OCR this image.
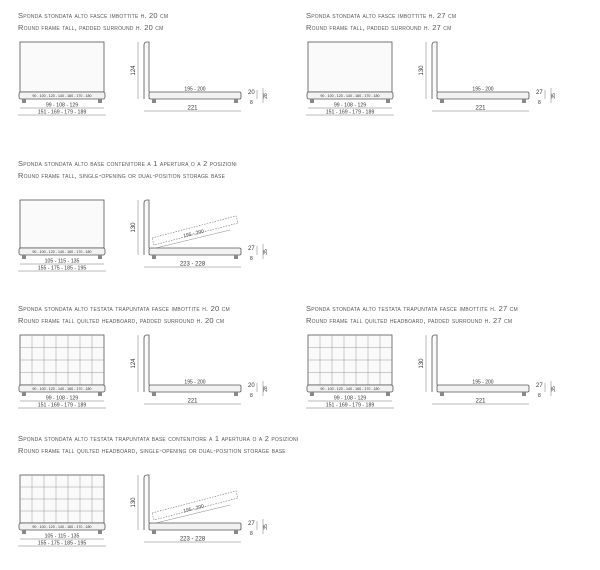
Sponda stondata alto fasce imbottite h. 20 cm
Round frame tall, padded surround h. 20 cm
90 - 100 - 120 - 140 - 160 - 170 - 180
99 - 108 - 129
151 - 169 - 179 - 189
124
195 - 200
221
20
8
28
Sponda stondata alto fasce imbottite h. 27 cm
Round frame tall, padded surround h. 27 cm
90 - 100 - 120 - 140 - 160 - 170 - 180
99 - 108 - 129
151 - 169 - 179 - 189
130
195 - 200
221
27
8
35
Sponda stondata alto base contenitore a 1 apertura o a 2 posizioni
Round frame tall, single-opening or dual-position storage base
90 - 100 - 120 - 140 - 160 - 170 - 180
105 - 115 - 135
155 - 175 - 185 - 195
130
195 - 200
223 - 228
27
8
35
Sponda stondata alto testata trapuntata fasce imbottite h. 20 cm
Round frame tall quilted headboard, padded surround h. 20 cm
90 - 100 - 120 - 140 - 160 - 170 - 180
99 - 108 - 129
151 - 169 - 179 - 189
124
195 - 200
221
20
8
28
Sponda stondata alto testata trapuntata fasce imbottite h. 27 cm
Round frame tall quilted headboard, padded surround h. 27 cm
90 - 100 - 120 - 140 - 160 - 170 - 180
99 - 108 - 129
151 - 169 - 179 - 189
130
195 - 200
221
27
8
35
Sponda stondata alto testata trapuntata base contenitore a 1 apertura o a 2 posizioni
Round frame tall quilted headboard, single-opening or dual-position storage base
90 - 100 - 120 - 140 - 160 - 170 - 180
105 - 115 - 135
155 - 175 - 185 - 195
130
195 - 200
223 - 228
27
8
35
